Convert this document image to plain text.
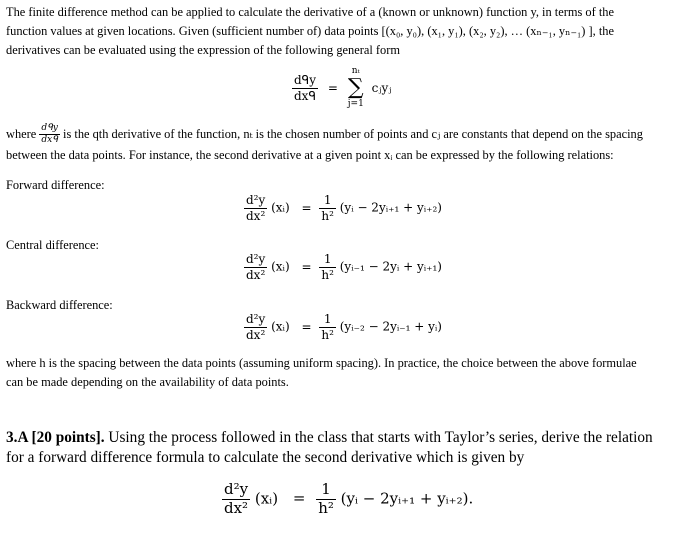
The finite difference method can be applied to calculate the derivative of a (known or unknown) function y, in terms of the
function values at given locations. Given (sufficient number of) data points [(x₀, y₀), (x₁, y₁), (x₂, y₂), … (xₙ₋₁, yₙ₋₁) ], the
derivatives can be evaluated using the expression of the following general form
$\frac{\text{dᑫy}}{\text{dxᑫ}}$ =
nₜ
∑
j=1
cⱼyⱼ
where $\frac{\text{dᑫy}}{\text{dxᑫ}}$ is the qth derivative of the function, nₜ is the chosen number of points and cⱼ are constants that depend on the spacing
between the data points. For instance, the second derivative at a given point xᵢ can be expressed by the following relations:
Forward difference:
$\frac{\text{d²y}}{\text{dx²}}$ (xᵢ) = $\frac{1}{\text{h²}}$ (yᵢ − 2yᵢ₊₁ + yᵢ₊₂)
Central difference:
$\frac{\text{d²y}}{\text{dx²}}$ (xᵢ) = $\frac{1}{\text{h²}}$ (yᵢ₋₁ − 2yᵢ + yᵢ₊₁)
Backward difference:
$\frac{\text{d²y}}{\text{dx²}}$ (xᵢ) = $\frac{1}{\text{h²}}$ (yᵢ₋₂ − 2yᵢ₋₁ + yᵢ)
where h is the spacing between the data points (assuming uniform spacing). In practice, the choice between the above formulae
can be made depending on the availability of data points.
3.A [20 points]. Using the process followed in the class that starts with Taylor’s series, derive the relation
for a forward difference formula to calculate the second derivative which is given by
$\frac{\text{d²y}}{\text{dx²}}$ (xᵢ) = $\frac{1}{\text{h²}}$ (yᵢ − 2yᵢ₊₁ + yᵢ₊₂).
